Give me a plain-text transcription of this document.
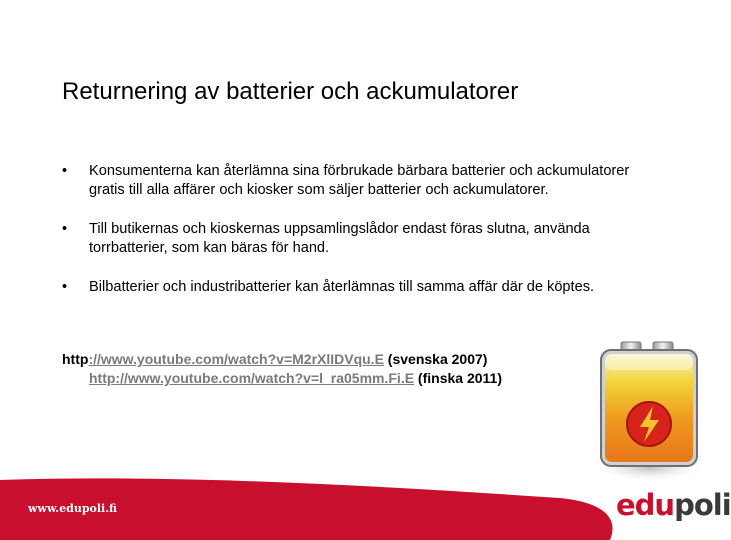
Returnering av batterier och ackumulatorer
• Konsumenterna kan återlämna sina förbrukade bärbara batterier och ackumulatorer gratis till alla affärer och kiosker som säljer batterier och ackumulatorer.
• Till butikernas och kioskernas uppsamlingslådor endast föras slutna, använda torrbatterier, som kan bäras för hand.
• Bilbatterier och industribatterier kan återlämnas till samma affär där de köptes.
http://www.youtube.com/watch?v=M2rXlIDVqu.E (svenska 2007)
http://www.youtube.com/watch?v=l_ra05mm.Fi.E (finska 2011)
www.edupoli.fi	edupoli
